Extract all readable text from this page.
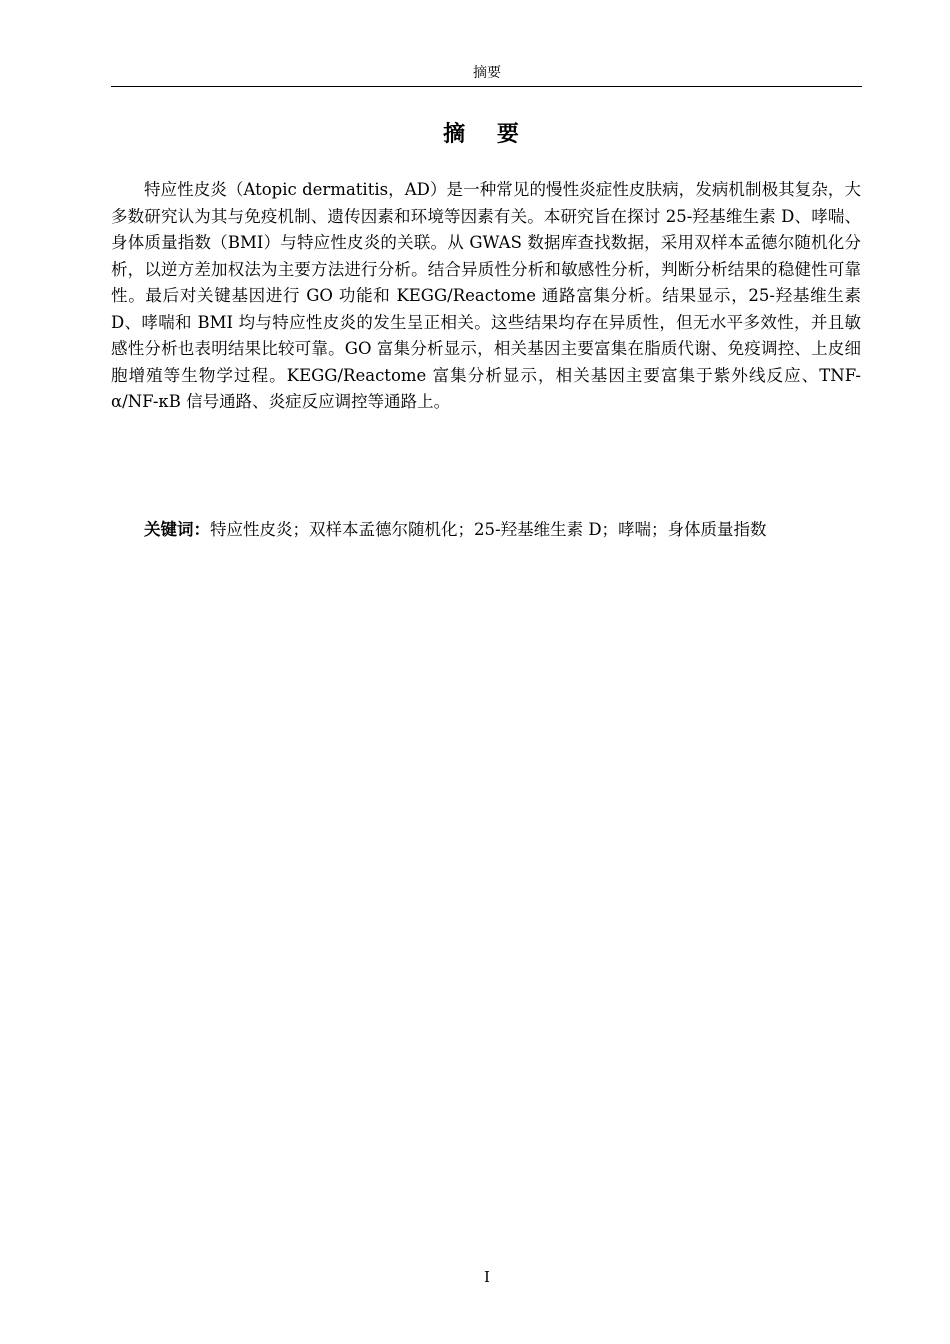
摘要
摘 要

特应性皮炎（Atopic dermatitis，AD）是一种常见的慢性炎症性皮肤病，发病机制极其复杂，大多数研究认为其与免疫机制、遗传因素和环境等因素有关。本研究旨在探讨 25-羟基维生素 D、哮喘、身体质量指数（BMI）与特应性皮炎的关联。从 GWAS 数据库查找数据，采用双样本孟德尔随机化分析，以逆方差加权法为主要方法进行分析。结合异质性分析和敏感性分析，判断分析结果的稳健性可靠性。最后对关键基因进行 GO 功能和 KEGG/Reactome 通路富集分析。结果显示，25-羟基维生素 D、哮喘和 BMI 均与特应性皮炎的发生呈正相关。这些结果均存在异质性，但无水平多效性，并且敏感性分析也表明结果比较可靠。GO 富集分析显示，相关基因主要富集在脂质代谢、免疫调控、上皮细胞增殖等生物学过程。KEGG/Reactome 富集分析显示，相关基因主要富集于紫外线反应、TNF-α/NF-κB 信号通路、炎症反应调控等通路上。

关键词：特应性皮炎；双样本孟德尔随机化；25-羟基维生素 D；哮喘；身体质量指数

I
